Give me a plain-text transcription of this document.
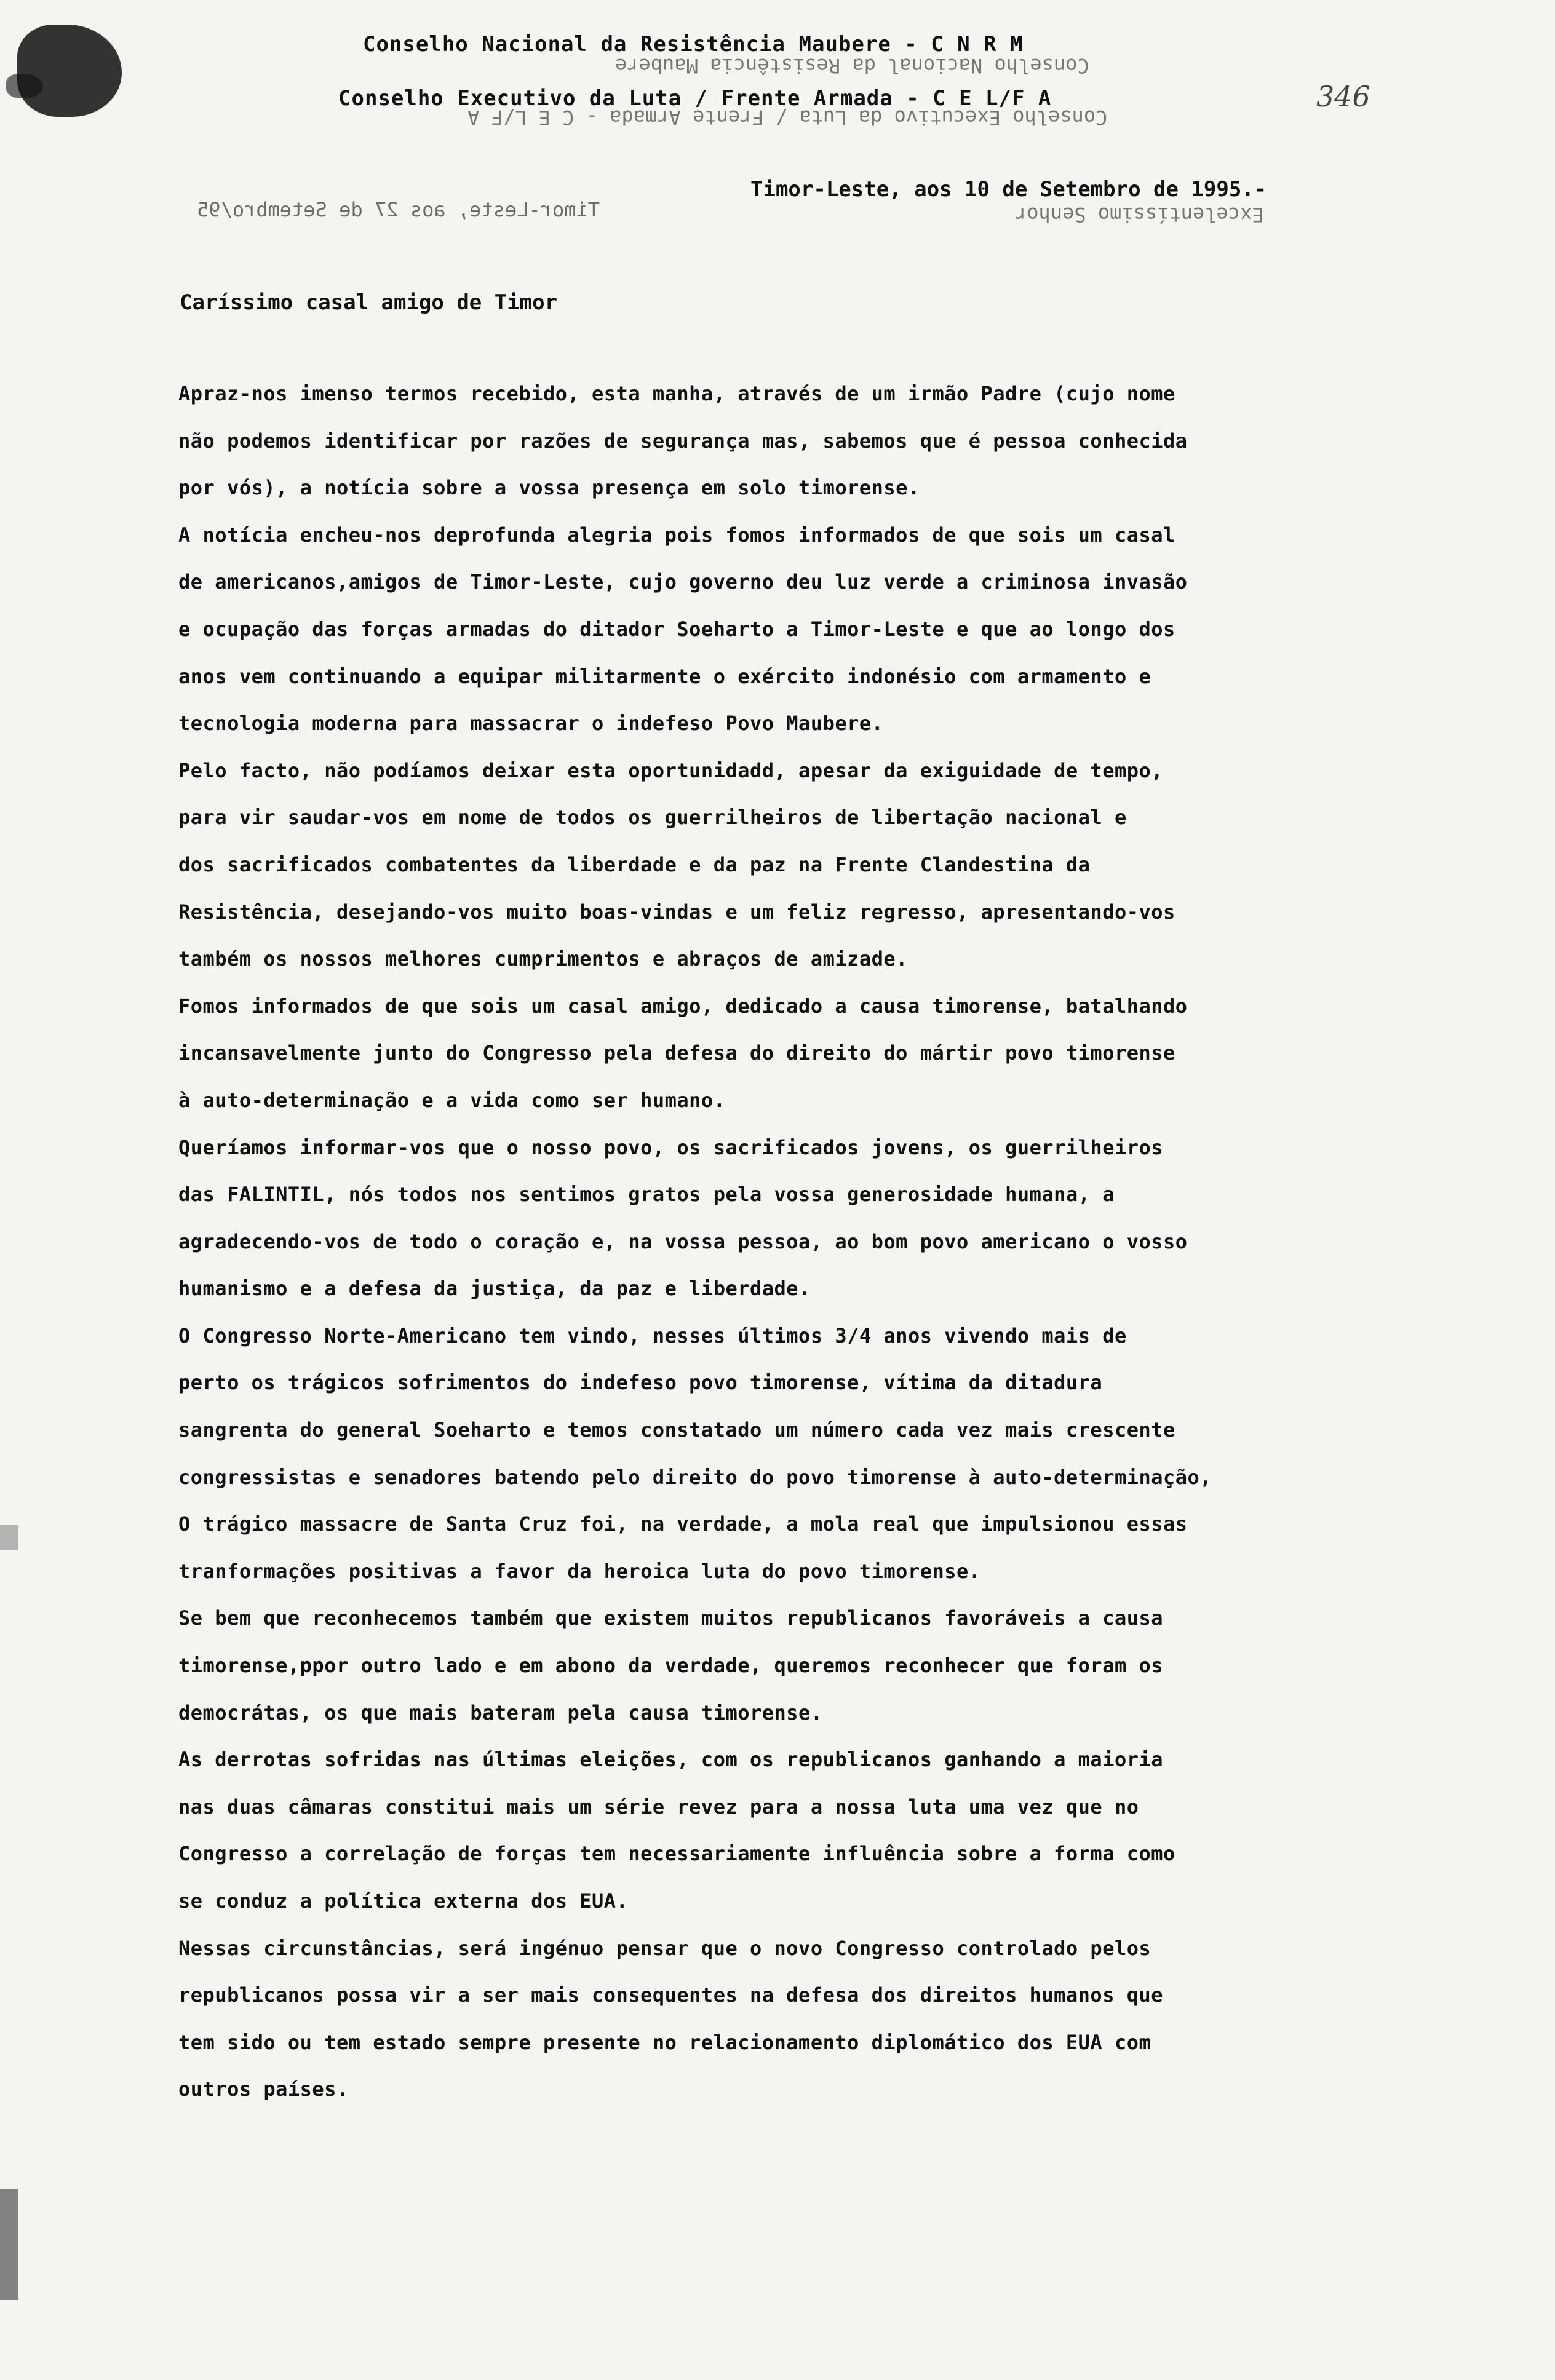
Conselho Nacional da Resistência Maubere - C N R M
Conselho Nacional da Resistência Maubere
Conselho Executivo da Luta / Frente Armada - C E L/F A
Conselho Executivo da Luta / Frente Armada - C E L/F A
346
Timor-Leste, aos 27 de Setembro/95	Excelentíssimo Senhor
Timor-Leste, aos 10 de Setembro de 1995.-
Caríssimo casal amigo de Timor
Apraz-nos imenso termos recebido, esta manha, através de um irmão Padre (cujo nome
não podemos identificar por razões de segurança mas, sabemos que é pessoa conhecida
por vós), a notícia sobre a vossa presença em solo timorense.
A notícia encheu-nos deprofunda alegria pois fomos informados de que sois um casal
de americanos,amigos de Timor-Leste, cujo governo deu luz verde a criminosa invasão
e ocupação das forças armadas do ditador Soeharto a Timor-Leste e que ao longo dos
anos vem continuando a equipar militarmente o exército indonésio com armamento e
tecnologia moderna para massacrar o indefeso Povo Maubere.
Pelo facto, não podíamos deixar esta oportunidadd, apesar da exiguidade de tempo,
para vir saudar-vos em nome de todos os guerrilheiros de libertação nacional e
dos sacrificados combatentes da liberdade e da paz na Frente Clandestina da
Resistência, desejando-vos muito boas-vindas e um feliz regresso, apresentando-vos
também os nossos melhores cumprimentos e abraços de amizade.
Fomos informados de que sois um casal amigo, dedicado a causa timorense, batalhando
incansavelmente junto do Congresso pela defesa do direito do mártir povo timorense
à auto-determinação e a vida como ser humano.
Queríamos informar-vos que o nosso povo, os sacrificados jovens, os guerrilheiros
das FALINTIL, nós todos nos sentimos gratos pela vossa generosidade humana, a
agradecendo-vos de todo o coração e, na vossa pessoa, ao bom povo americano o vosso
humanismo e a defesa da justiça, da paz e liberdade.
O Congresso Norte-Americano tem vindo, nesses últimos 3/4 anos vivendo mais de
perto os trágicos sofrimentos do indefeso povo timorense, vítima da ditadura
sangrenta do general Soeharto e temos constatado um número cada vez mais crescente
congressistas e senadores batendo pelo direito do povo timorense à auto-determinação,
O trágico massacre de Santa Cruz foi, na verdade, a mola real que impulsionou essas
tranformações positivas a favor da heroica luta do povo timorense.
Se bem que reconhecemos também que existem muitos republicanos favoráveis a causa
timorense,ppor outro lado e em abono da verdade, queremos reconhecer que foram os
democrátas, os que mais bateram pela causa timorense.
As derrotas sofridas nas últimas eleições, com os republicanos ganhando a maioria
nas duas câmaras constitui mais um série revez para a nossa luta uma vez que no
Congresso a correlação de forças tem necessariamente influência sobre a forma como
se conduz a política externa dos EUA.
Nessas circunstâncias, será ingénuo pensar que o novo Congresso controlado pelos
republicanos possa vir a ser mais consequentes na defesa dos direitos humanos que
tem sido ou tem estado sempre presente no relacionamento diplomático dos EUA com
outros países.
